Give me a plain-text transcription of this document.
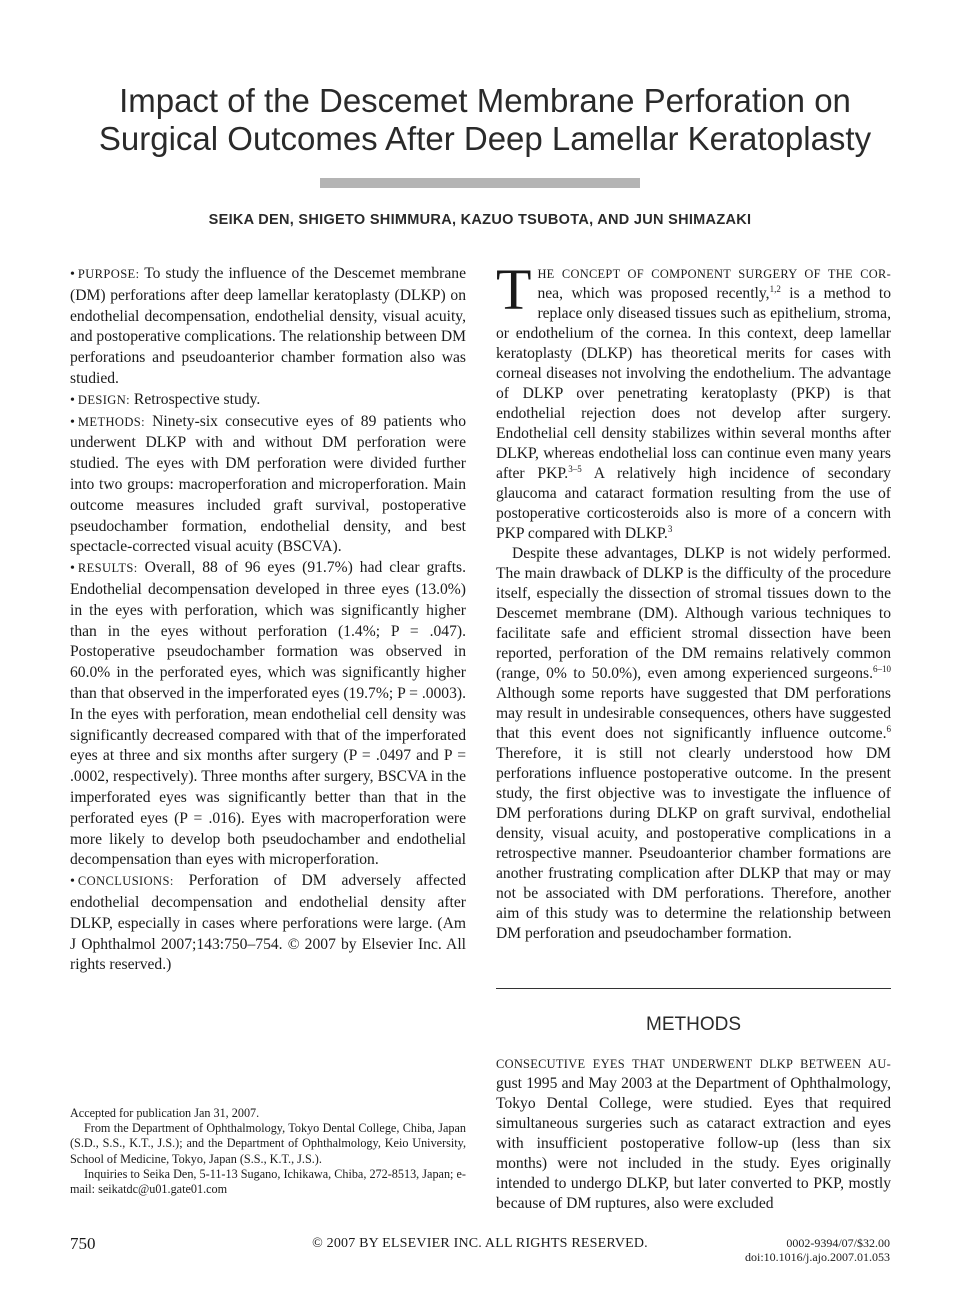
Impact of the Descemet Membrane Perforation on
Surgical Outcomes After Deep Lamellar Keratoplasty
SEIKA DEN, SHIGETO SHIMMURA, KAZUO TSUBOTA, AND JUN SHIMAZAKI

• PURPOSE: To study the influence of the Descemet membrane (DM) perforations after deep lamellar keratoplasty (DLKP) on endothelial decompensation, endothelial density, visual acuity, and postoperative complications. The relationship between DM perforations and pseudoanterior chamber formation also was studied.

• DESIGN: Retrospective study.

• METHODS: Ninety-six consecutive eyes of 89 patients who underwent DLKP with and without DM perforation were studied. The eyes with DM perforation were divided further into two groups: macroperforation and microperforation. Main outcome measures included graft survival, postoperative pseudochamber formation, endothelial density, and best spectacle-corrected visual acuity (BSCVA).

• RESULTS: Overall, 88 of 96 eyes (91.7%) had clear grafts. Endothelial decompensation developed in three eyes (13.0%) in the eyes with perforation, which was significantly higher than in the eyes without perforation (1.4%; P = .047). Postoperative pseudochamber formation was observed in 60.0% in the perforated eyes, which was significantly higher than that observed in the imperforated eyes (19.7%; P = .0003). In the eyes with perforation, mean endothelial cell density was significantly decreased compared with that of the imperforated eyes at three and six months after surgery (P = .0497 and P = .0002, respectively). Three months after surgery, BSCVA in the imperforated eyes was significantly better than that in the perforated eyes (P = .016). Eyes with macroperforation were more likely to develop both pseudochamber and endothelial decompensation than eyes with microperforation.

• CONCLUSIONS: Perforation of DM adversely affected endothelial decompensation and endothelial density after DLKP, especially in cases where perforations were large. (Am J Ophthalmol 2007;143:750–754. © 2007 by Elsevier Inc. All rights reserved.)

Accepted for publication Jan 31, 2007.

From the Department of Ophthalmology, Tokyo Dental College, Chiba, Japan (S.D., S.S., K.T., J.S.); and the Department of Ophthalmology, Keio University, School of Medicine, Tokyo, Japan (S.S., K.T., J.S.).

Inquiries to Seika Den, 5-11-13 Sugano, Ichikawa, Chiba, 272-8513, Japan; e-mail: seikatdc@u01.gate01.com

THE CONCEPT OF COMPONENT SURGERY OF THE COR- nea, which was proposed recently,$^{1,2}$ is a method to replace only diseased tissues such as epithelium, stroma, or endothelium of the cornea. In this context, deep lamellar keratoplasty (DLKP) has theoretical merits for cases with corneal diseases not involving the endothelium. The advantage of DLKP over penetrating keratoplasty (PKP) is that endothelial rejection does not develop after surgery. Endothelial cell density stabilizes within several months after DLKP, whereas endothelial loss can continue even many years after PKP.$^{3-5}$ A relatively high incidence of secondary glaucoma and cataract formation resulting from the use of postoperative corticosteroids also is more of a concern with PKP compared with DLKP.$^3$

Despite these advantages, DLKP is not widely performed. The main drawback of DLKP is the difficulty of the procedure itself, especially the dissection of stromal tissues down to the Descemet membrane (DM). Although various techniques to facilitate safe and efficient stromal dissection have been reported, perforation of the DM remains relatively common (range, 0% to 50.0%), even among experienced surgeons.$^{6-10}$ Although some reports have suggested that DM perforations may result in undesirable consequences, others have suggested that this event does not significantly influence outcome.$^6$ Therefore, it is still not clearly understood how DM perforations influence postoperative outcome. In the present study, the first objective was to investigate the influence of DM perforations during DLKP on graft survival, endothelial density, visual acuity, and postoperative complications in a retrospective manner. Pseudoanterior chamber formations are another frustrating complication after DLKP that may or may not be associated with DM perforations. Therefore, another aim of this study was to determine the relationship between DM perforation and pseudochamber formation.

METHODS

CONSECUTIVE EYES THAT UNDERWENT DLKP BETWEEN AU- gust 1995 and May 2003 at the Department of Ophthalmology, Tokyo Dental College, were studied. Eyes that required simultaneous surgeries such as cataract extraction and eyes with insufficient postoperative follow-up (less than six months) were not included in the study. Eyes originally intended to undergo DLKP, but later converted to PKP, mostly because of DM ruptures, also were excluded

750	© 2007 BY ELSEVIER INC. ALL RIGHTS RESERVED.	0002-9394/07/$32.00
doi:10.1016/j.ajo.2007.01.053
